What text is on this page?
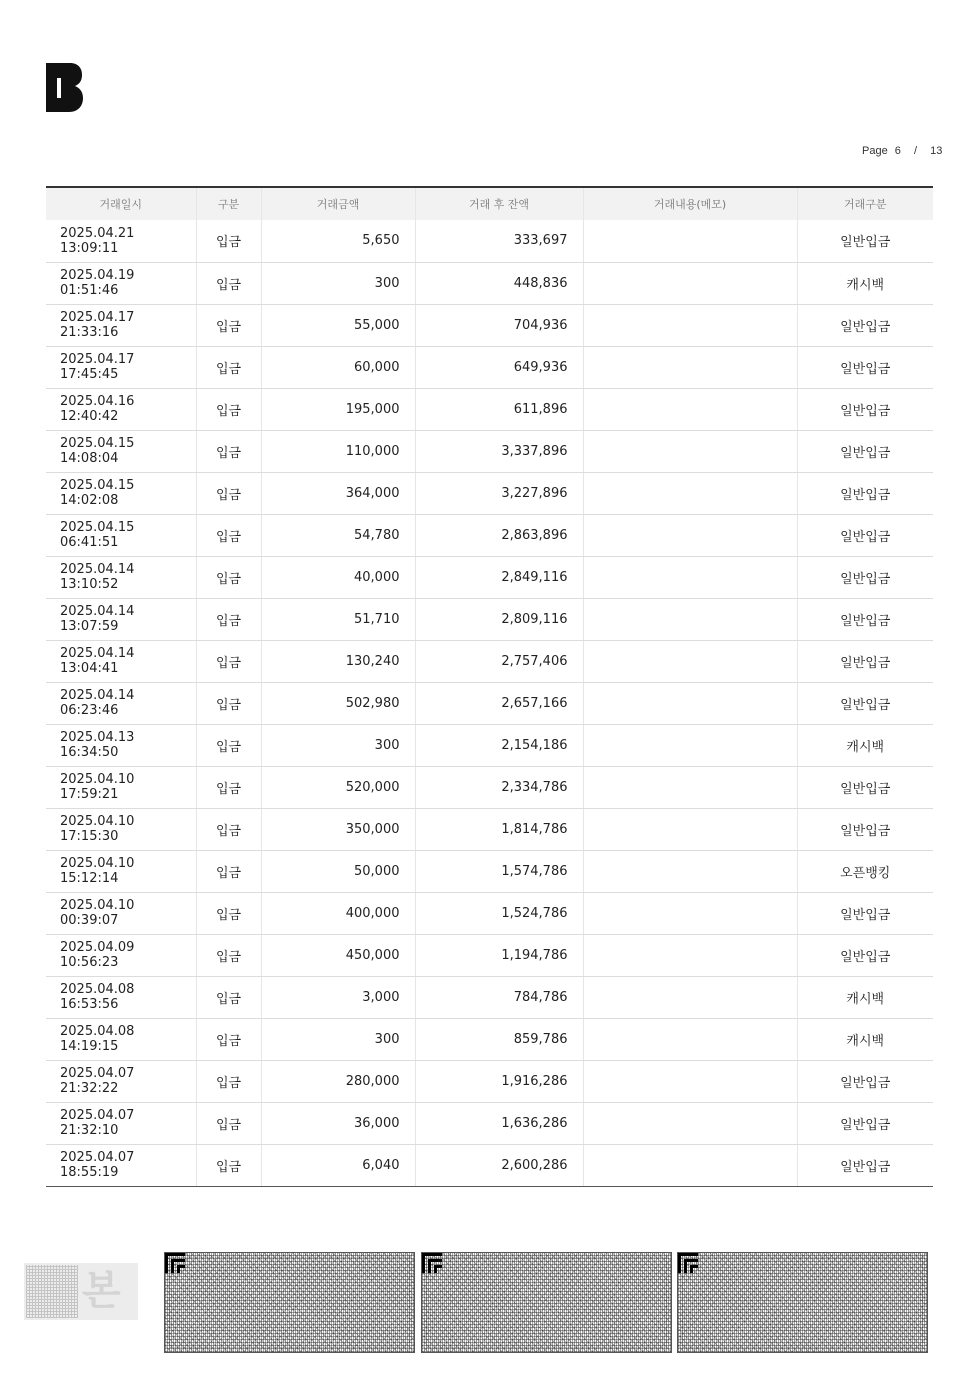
Page 6 / 13
거래일시	구분	거래금액	거래 후 잔액	거래내용(메모)	거래구분
2025.04.21 13:09:11	입금	5,650	333,697		일반입금
2025.04.19 01:51:46	입금	300	448,836		캐시백
2025.04.17 21:33:16	입금	55,000	704,936		일반입금
2025.04.17 17:45:45	입금	60,000	649,936		일반입금
2025.04.16 12:40:42	입금	195,000	611,896		일반입금
2025.04.15 14:08:04	입금	110,000	3,337,896		일반입금
2025.04.15 14:02:08	입금	364,000	3,227,896		일반입금
2025.04.15 06:41:51	입금	54,780	2,863,896		일반입금
2025.04.14 13:10:52	입금	40,000	2,849,116		일반입금
2025.04.14 13:07:59	입금	51,710	2,809,116		일반입금
2025.04.14 13:04:41	입금	130,240	2,757,406		일반입금
2025.04.14 06:23:46	입금	502,980	2,657,166		일반입금
2025.04.13 16:34:50	입금	300	2,154,186		캐시백
2025.04.10 17:59:21	입금	520,000	2,334,786		일반입금
2025.04.10 17:15:30	입금	350,000	1,814,786		일반입금
2025.04.10 15:12:14	입금	50,000	1,574,786		오픈뱅킹
2025.04.10 00:39:07	입금	400,000	1,524,786		일반입금
2025.04.09 10:56:23	입금	450,000	1,194,786		일반입금
2025.04.08 16:53:56	입금	3,000	784,786		캐시백
2025.04.08 14:19:15	입금	300	859,786		캐시백
2025.04.07 21:32:22	입금	280,000	1,916,286		일반입금
2025.04.07 21:32:10	입금	36,000	1,636,286		일반입금
2025.04.07 18:55:19	입금	6,040	2,600,286		일반입금
본
